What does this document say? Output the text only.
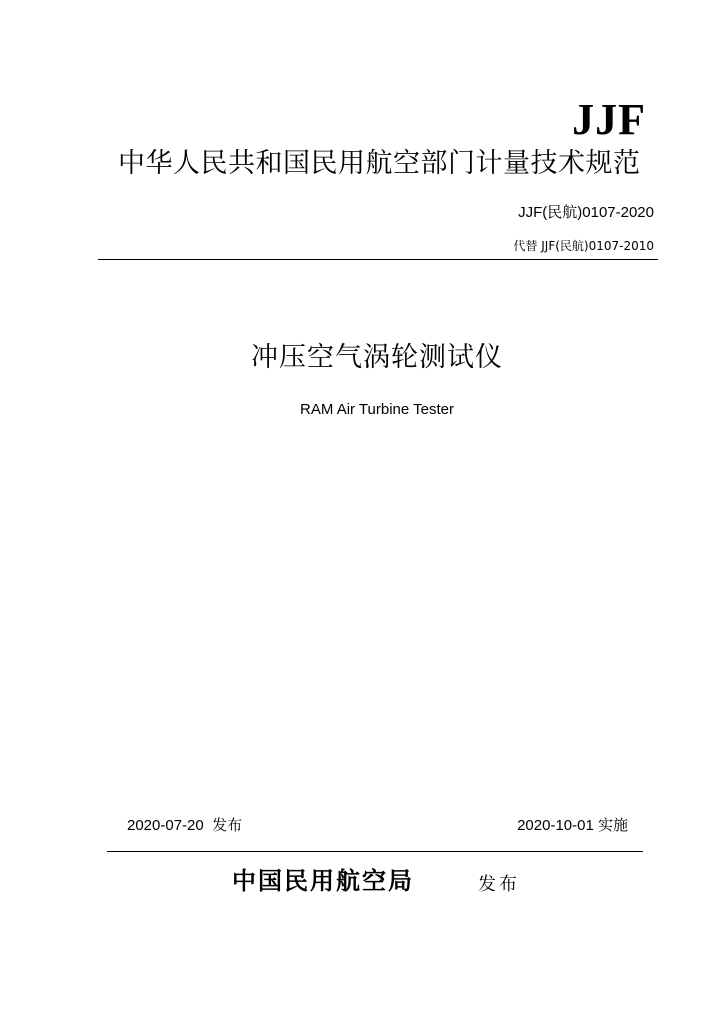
JJF
中华人民共和国民用航空部门计量技术规范
JJF(民航)0107-2020
代替 JJF(民航)0107-2010
冲压空气涡轮测试仪
RAM Air Turbine Tester
2020-07-20  发布	2020-10-01 实施
中国民用航空局	发布
